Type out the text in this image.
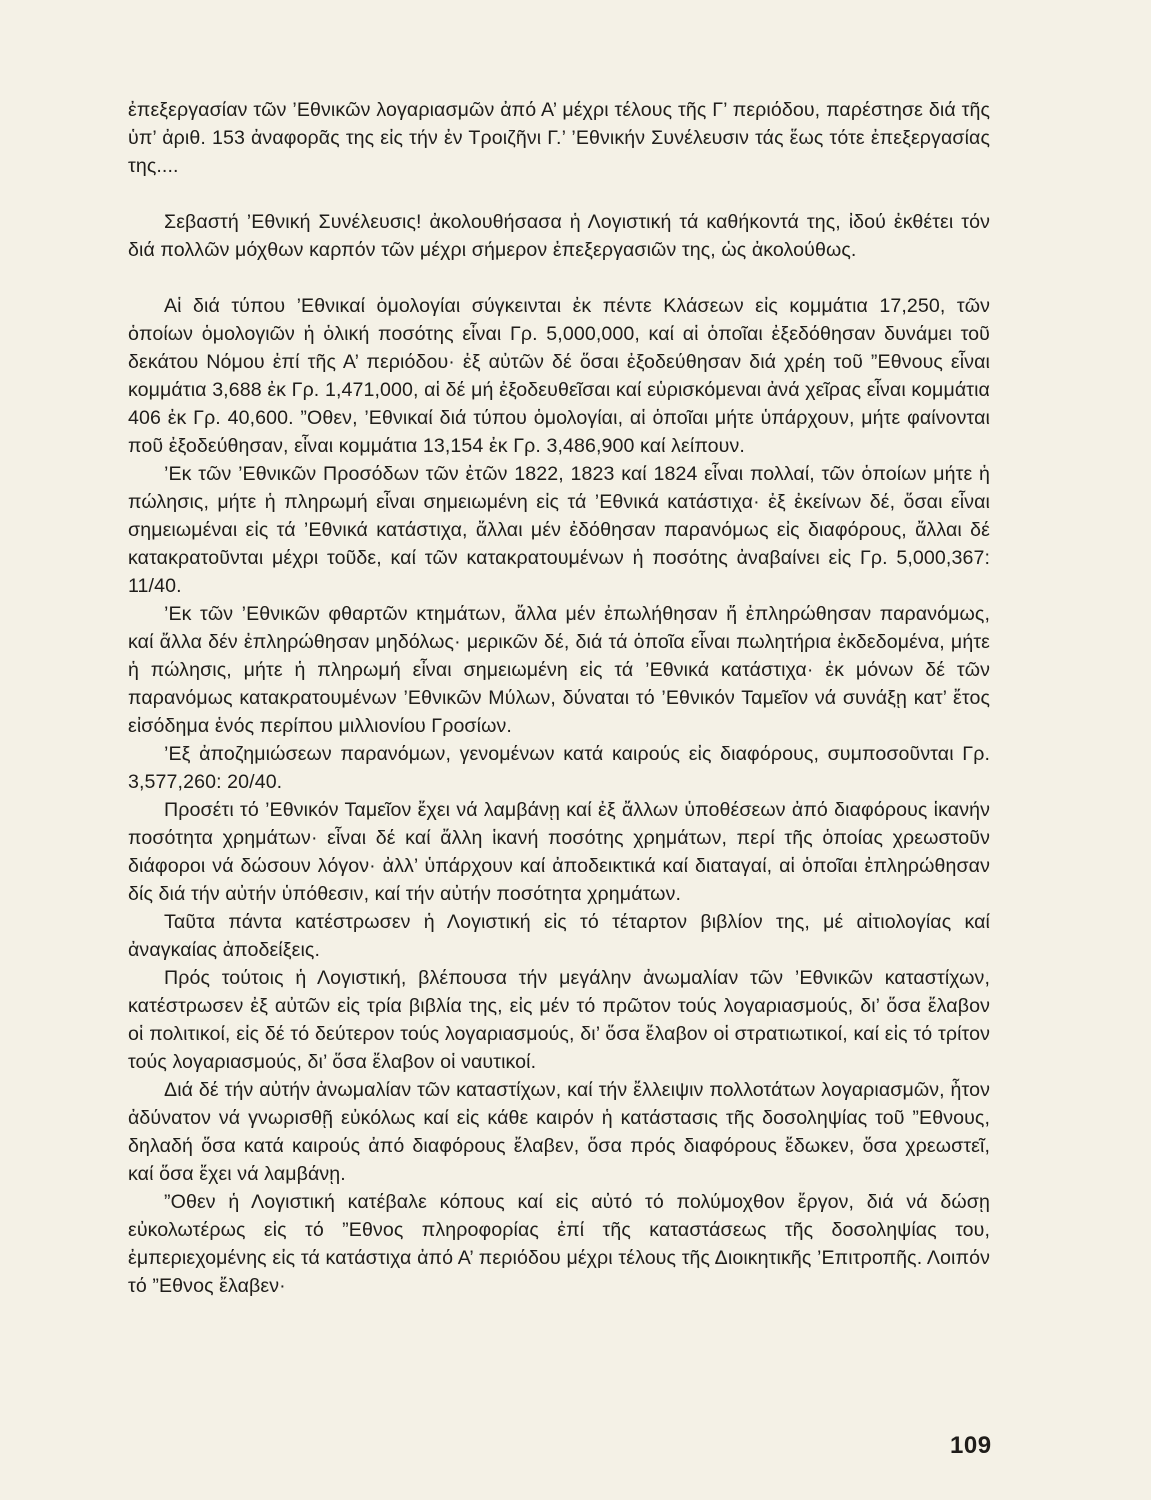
ἐπεξεργασίαν τῶν ’Εθνικῶν λογαριασμῶν ἀπό Α’ μέχρι τέλους τῆς Γ’ περιόδου, παρέστησε διά τῆς ὑπ’ ἀριθ. 153 ἀναφορᾶς της εἰς τήν ἐν Τροιζῆνι Γ.’ ’Εθνικήν Συνέλευσιν τάς ἕως τότε ἐπεξεργασίας της....

Σεβαστή ’Εθνική Συνέλευσις! ἀκολουθήσασα ἡ Λογιστική τά καθήκοντά της, ἰδού ἐκθέτει τόν διά πολλῶν μόχθων καρπόν τῶν μέχρι σήμερον ἐπεξεργασιῶν της, ὡς ἀκολούθως.

Αἱ διά τύπου ’Εθνικαί ὁμολογίαι σύγκεινται ἐκ πέντε Κλάσεων εἰς κομμάτια 17,250, τῶν ὁποίων ὁμολογιῶν ἡ ὁλική ποσότης εἶναι Γρ. 5,000,000, καί αἱ ὁποῖαι ἐξεδόθησαν δυνάμει τοῦ δεκάτου Νόμου ἐπί τῆς Α’ περιόδου· ἐξ αὐτῶν δέ ὅσαι ἐξοδεύθησαν διά χρέη τοῦ ”Εθνους εἶναι κομμάτια 3,688 ἐκ Γρ. 1,471,000, αἱ δέ μή ἐξοδευθεῖσαι καί εὑρισκόμεναι ἀνά χεῖρας εἶναι κομμάτια 406 ἐκ Γρ. 40,600. ”Οθεν, ’Εθνικαί διά τύπου ὁμολογίαι, αἱ ὁποῖαι μήτε ὑπάρχουν, μήτε φαίνονται ποῦ ἐξοδεύθησαν, εἶναι κομμάτια 13,154 ἐκ Γρ. 3,486,900 καί λείπουν.

’Εκ τῶν ’Εθνικῶν Προσόδων τῶν ἐτῶν 1822, 1823 καί 1824 εἶναι πολλαί, τῶν ὁποίων μήτε ἡ πώλησις, μήτε ἡ πληρωμή εἶναι σημειωμένη εἰς τά ’Εθνικά κατάστιχα· ἐξ ἐκείνων δέ, ὅσαι εἶναι σημειωμέναι εἰς τά ’Εθνικά κατάστιχα, ἄλλαι μέν ἐδόθησαν παρανόμως εἰς διαφόρους, ἄλλαι δέ κατακρατοῦνται μέχρι τοῦδε, καί τῶν κατακρατουμένων ἡ ποσότης ἀναβαίνει εἰς Γρ. 5,000,367: 11/40.

’Εκ τῶν ’Εθνικῶν φθαρτῶν κτημάτων, ἄλλα μέν ἐπωλήθησαν ἤ ἐπληρώθησαν παρανόμως, καί ἄλλα δέν ἐπληρώθησαν μηδόλως· μερικῶν δέ, διά τά ὁποῖα εἶναι πωλητήρια ἐκδεδομένα, μήτε ἡ πώλησις, μήτε ἡ πληρωμή εἶναι σημειωμένη εἰς τά ’Εθνικά κατάστιχα· ἐκ μόνων δέ τῶν παρανόμως κατακρατουμένων ’Εθνικῶν Μύλων, δύναται τό ’Εθνικόν Ταμεῖον νά συνάξῃ κατ’ ἔτος εἰσόδημα ἑνός περίπου μιλλιονίου Γροσίων.

’Εξ ἀποζημιώσεων παρανόμων, γενομένων κατά καιρούς εἰς διαφόρους, συμποσοῦνται Γρ. 3,577,260: 20/40.

Προσέτι τό ’Εθνικόν Ταμεῖον ἔχει νά λαμβάνῃ καί ἐξ ἄλλων ὑποθέσεων ἀπό διαφόρους ἱκανήν ποσότητα χρημάτων· εἶναι δέ καί ἄλλη ἱκανή ποσότης χρημάτων, περί τῆς ὁποίας χρεωστοῦν διάφοροι νά δώσουν λόγον· ἀλλ’ ὑπάρχουν καί ἀποδεικτικά καί διαταγαί, αἱ ὁποῖαι ἐπληρώθησαν δίς διά τήν αὐτήν ὑπόθεσιν, καί τήν αὐτήν ποσότητα χρημάτων.

Ταῦτα πάντα κατέστρωσεν ἡ Λογιστική εἰς τό τέταρτον βιβλίον της, μέ αἰτιολογίας καί ἀναγκαίας ἀποδείξεις.

Πρός τούτοις ἡ Λογιστική, βλέπουσα τήν μεγάλην ἀνωμαλίαν τῶν ’Εθνικῶν καταστίχων, κατέστρωσεν ἐξ αὐτῶν εἰς τρία βιβλία της, εἰς μέν τό πρῶτον τούς λογαριασμούς, δι’ ὅσα ἔλαβον οἱ πολιτικοί, εἰς δέ τό δεύτερον τούς λογαριασμούς, δι’ ὅσα ἔλαβον οἱ στρατιωτικοί, καί εἰς τό τρίτον τούς λογαριασμούς, δι’ ὅσα ἔλαβον οἱ ναυτικοί.

Διά δέ τήν αὐτήν ἀνωμαλίαν τῶν καταστίχων, καί τήν ἔλλειψιν πολλοτάτων λογαριασμῶν, ἦτον ἀδύνατον νά γνωρισθῇ εὐκόλως καί εἰς κάθε καιρόν ἡ κατάστασις τῆς δοσοληψίας τοῦ ”Εθνους, δηλαδή ὅσα κατά καιρούς ἀπό διαφόρους ἔλαβεν, ὅσα πρός διαφόρους ἔδωκεν, ὅσα χρεωστεῖ, καί ὅσα ἔχει νά λαμβάνῃ.

”Οθεν ἡ Λογιστική κατέβαλε κόπους καί εἰς αὐτό τό πολύμοχθον ἔργον, διά νά δώσῃ εὐκολωτέρως εἰς τό ”Εθνος πληροφορίας ἐπί τῆς καταστάσεως τῆς δοσοληψίας του, ἐμπεριεχομένης εἰς τά κατάστιχα ἀπό Α’ περιόδου μέχρι τέλους τῆς Διοικητικῆς ’Επιτροπῆς. Λοιπόν τό ”Εθνος ἔλαβεν·

109
